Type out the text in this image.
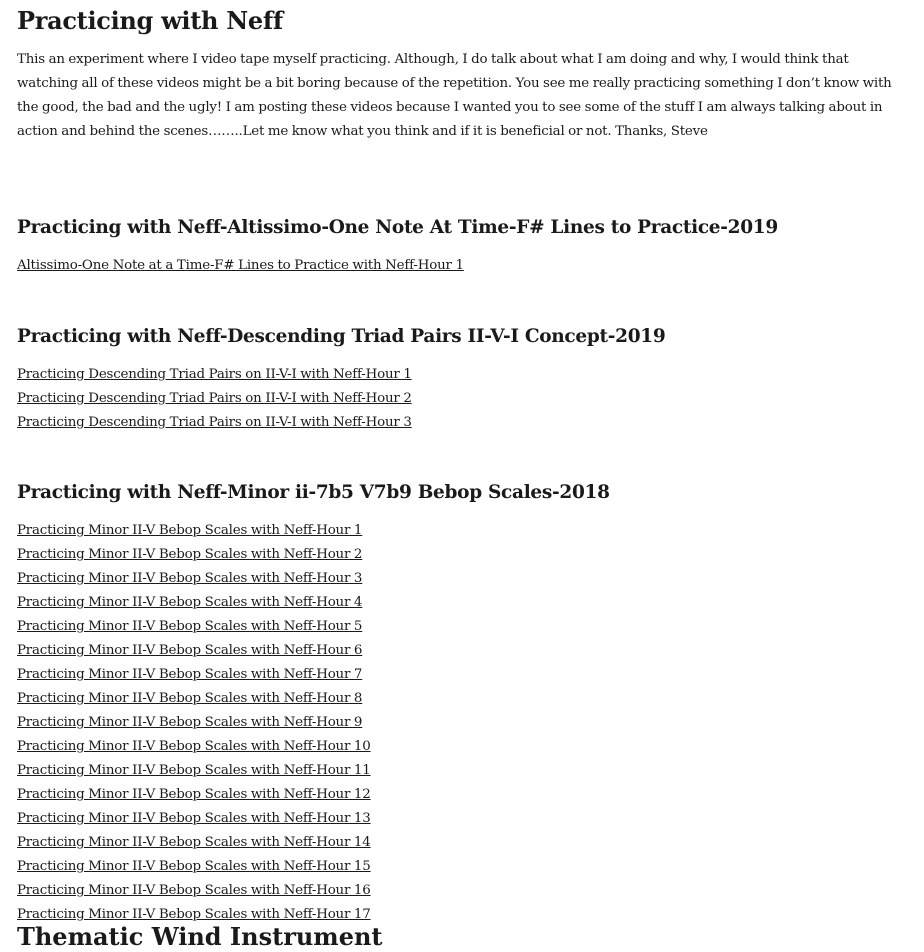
Practicing with Neff

This an experiment where I video tape myself practicing. Although, I do talk about what I am doing and why, I would think that watching all of these videos might be a bit boring because of the repetition. You see me really practicing something I don’t know with the good, the bad and the ugly! I am posting these videos because I wanted you to see some of the stuff I am always talking about in action and behind the scenes……..Let me know what you think and if it is beneficial or not. Thanks, Steve

Practicing with Neff-Altissimo-One Note At Time-F# Lines to Practice-2019
Altissimo-One Note at a Time-F# Lines to Practice with Neff-Hour 1
Practicing with Neff-Descending Triad Pairs II-V-I Concept-2019
Practicing Descending Triad Pairs on II-V-I with Neff-Hour 1
Practicing Descending Triad Pairs on II-V-I with Neff-Hour 2
Practicing Descending Triad Pairs on II-V-I with Neff-Hour 3
Practicing with Neff-Minor ii-7b5 V7b9 Bebop Scales-2018
Practicing Minor II-V Bebop Scales with Neff-Hour 1
Practicing Minor II-V Bebop Scales with Neff-Hour 2
Practicing Minor II-V Bebop Scales with Neff-Hour 3
Practicing Minor II-V Bebop Scales with Neff-Hour 4
Practicing Minor II-V Bebop Scales with Neff-Hour 5
Practicing Minor II-V Bebop Scales with Neff-Hour 6
Practicing Minor II-V Bebop Scales with Neff-Hour 7
Practicing Minor II-V Bebop Scales with Neff-Hour 8
Practicing Minor II-V Bebop Scales with Neff-Hour 9
Practicing Minor II-V Bebop Scales with Neff-Hour 10
Practicing Minor II-V Bebop Scales with Neff-Hour 11
Practicing Minor II-V Bebop Scales with Neff-Hour 12
Practicing Minor II-V Bebop Scales with Neff-Hour 13
Practicing Minor II-V Bebop Scales with Neff-Hour 14
Practicing Minor II-V Bebop Scales with Neff-Hour 15
Practicing Minor II-V Bebop Scales with Neff-Hour 16
Practicing Minor II-V Bebop Scales with Neff-Hour 17
Thematic Wind Instrument
